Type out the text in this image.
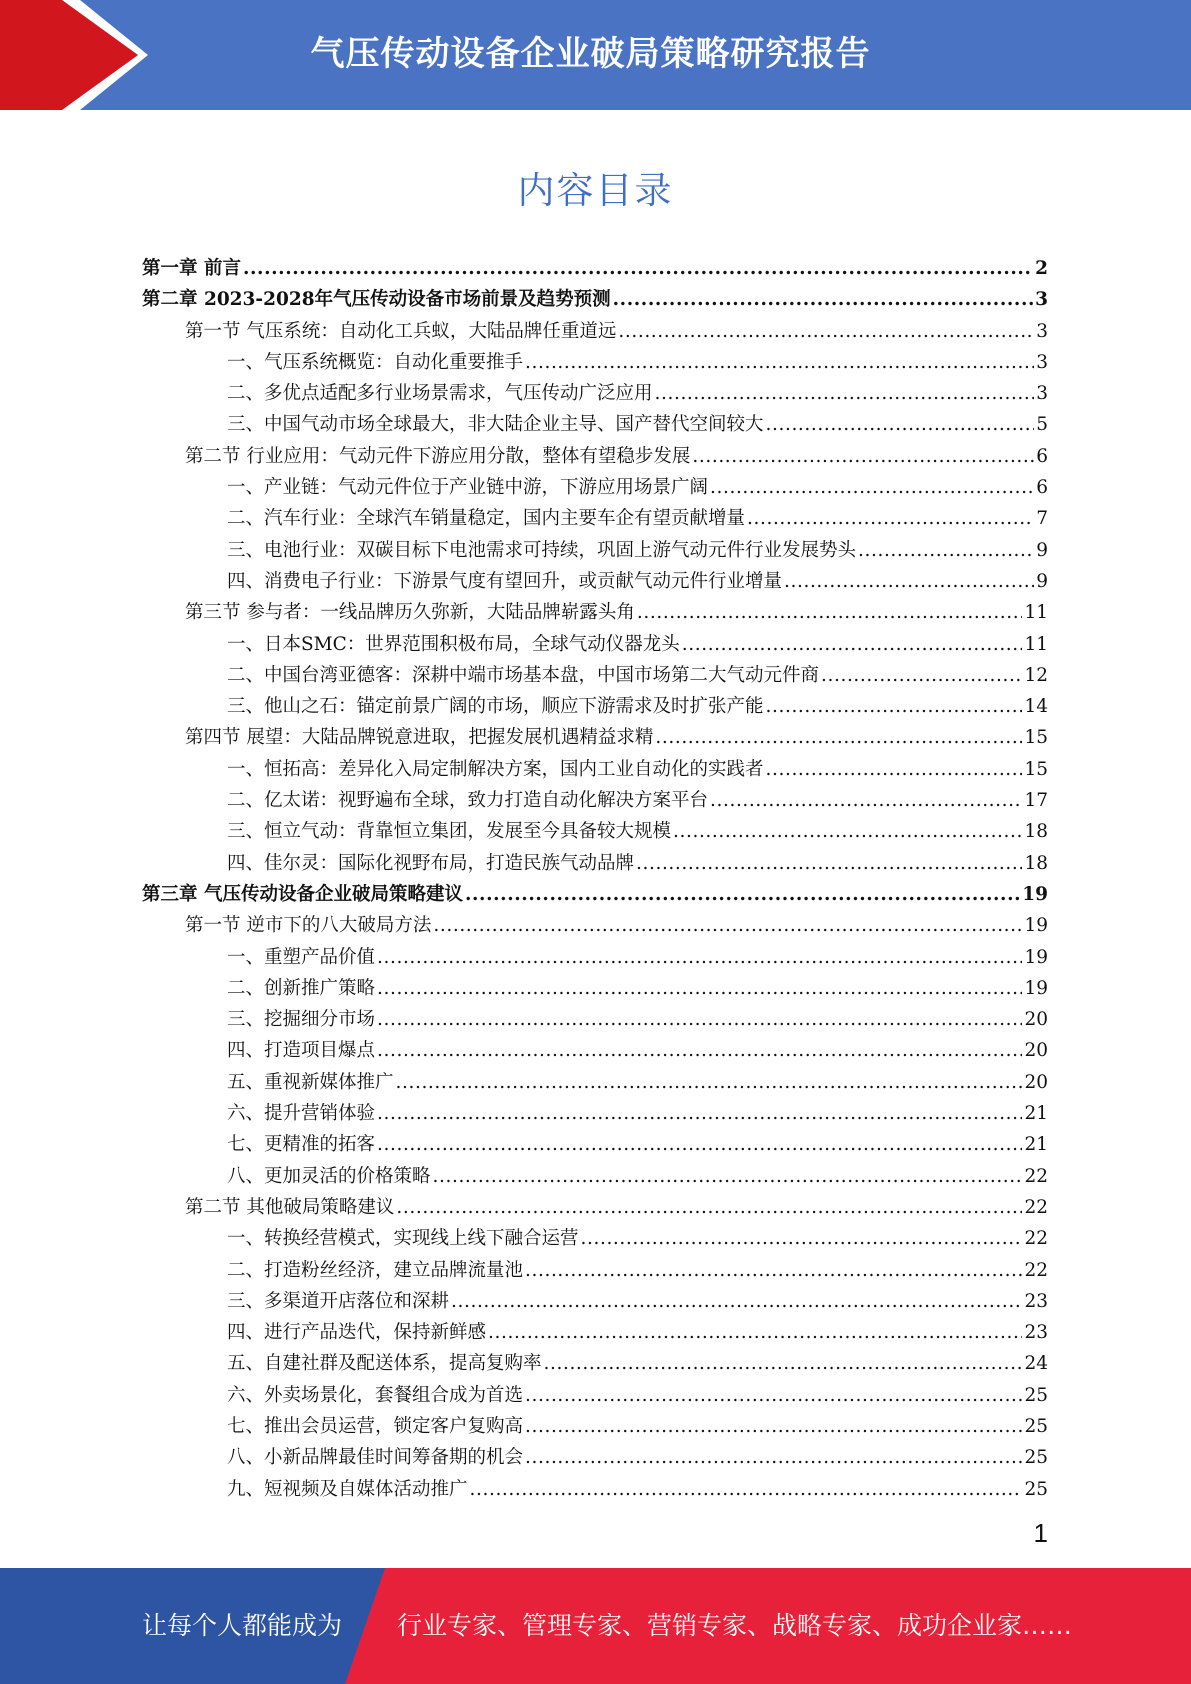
气压传动设备企业破局策略研究报告
内容目录
第一章 前言 .....	2
第二章 2023-2028年气压传动设备市场前景及趋势预测 .....	3
第一节 气压系统：自动化工兵蚁，大陆品牌任重道远 .....	3
一、气压系统概览：自动化重要推手 .....	3
二、多优点适配多行业场景需求，气压传动广泛应用 .....	3
三、中国气动市场全球最大，非大陆企业主导、国产替代空间较大 .....	5
第二节 行业应用：气动元件下游应用分散，整体有望稳步发展 .....	6
一、产业链：气动元件位于产业链中游，下游应用场景广阔 .....	6
二、汽车行业：全球汽车销量稳定，国内主要车企有望贡献增量 .....	7
三、电池行业：双碳目标下电池需求可持续，巩固上游气动元件行业发展势头 .....	9
四、消费电子行业：下游景气度有望回升，或贡献气动元件行业增量 .....	9
第三节 参与者：一线品牌历久弥新，大陆品牌崭露头角 .....	11
一、日本SMC：世界范围积极布局，全球气动仪器龙头 .....	11
二、中国台湾亚德客：深耕中端市场基本盘，中国市场第二大气动元件商 .....	12
三、他山之石：锚定前景广阔的市场，顺应下游需求及时扩张产能 .....	14
第四节 展望：大陆品牌锐意进取，把握发展机遇精益求精 .....	15
一、恒拓高：差异化入局定制解决方案，国内工业自动化的实践者 .....	15
二、亿太诺：视野遍布全球，致力打造自动化解决方案平台 .....	17
三、恒立气动：背靠恒立集团，发展至今具备较大规模 .....	18
四、佳尔灵：国际化视野布局，打造民族气动品牌 .....	18
第三章 气压传动设备企业破局策略建议 .....	19
第一节 逆市下的八大破局方法 .....	19
一、重塑产品价值 .....	19
二、创新推广策略 .....	19
三、挖掘细分市场 .....	20
四、打造项目爆点 .....	20
五、重视新媒体推广 .....	20
六、提升营销体验 .....	21
七、更精准的拓客 .....	21
八、更加灵活的价格策略 .....	22
第二节 其他破局策略建议 .....	22
一、转换经营模式，实现线上线下融合运营 .....	22
二、打造粉丝经济，建立品牌流量池 .....	22
三、多渠道开店落位和深耕 .....	23
四、进行产品迭代，保持新鲜感 .....	23
五、自建社群及配送体系，提高复购率 .....	24
六、外卖场景化，套餐组合成为首选 .....	25
七、推出会员运营，锁定客户复购高 .....	25
八、小新品牌最佳时间筹备期的机会 .....	25
九、短视频及自媒体活动推广 .....	25
1
让每个人都能成为 行业专家、管理专家、营销专家、战略专家、成功企业家……
